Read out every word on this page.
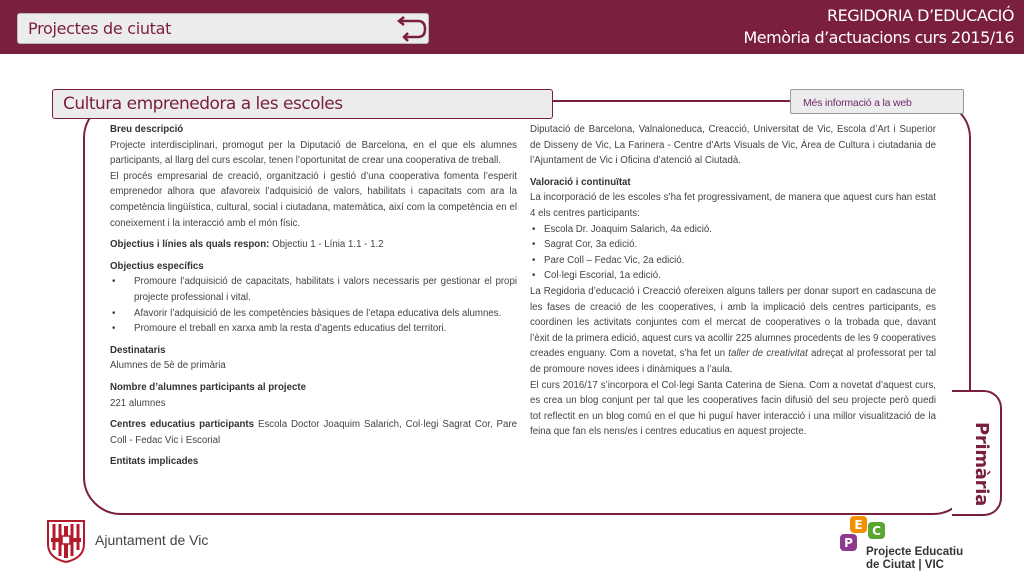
Projectes de ciutat
REGIDORIA D’EDUCACIÓ
Memòria d’actuacions curs 2015/16
Primària
Cultura emprenedora a les escoles	Més informació a la web
Breu descripció
Projecte interdisciplinari, promogut per la Diputació de Barcelona, en el que els alumnes participants, al llarg del curs escolar, tenen l’oportunitat de crear una cooperativa de treball.
El procés empresarial de creació, organització i gestió d’una cooperativa fomenta l’esperit emprenedor alhora que afavoreix l’adquisició de valors, habilitats i capacitats com ara la competència lingüística, cultural, social i ciutadana, matemàtica, així com la competència en el coneixement i la interacció amb el món físic.
Objectius i línies als quals respon: Objectiu 1 - Línia 1.1 - 1.2
Objectius específics
• Promoure l’adquisició de capacitats, habilitats i valors necessaris per gestionar el propi projecte professional i vital.
• Afavorir l’adquisició de les competències bàsiques de l’etapa educativa dels alumnes.
• Promoure el treball en xarxa amb la resta d’agents educatius del territori.
Destinataris
Alumnes de 5è de primària
Nombre d’alumnes participants al projecte
221 alumnes
Centres educatius participants Escola Doctor Joaquim Salarich, Col·legi Sagrat Cor, Pare Coll - Fedac Vic i Escorial
Entitats implicades
Diputació de Barcelona, Valnaloneduca, Creacció, Universitat de Vic, Escola d’Art i Superior de Disseny de Vic, La Farinera - Centre d’Arts Visuals de Vic, Àrea de Cultura i ciutadania de l’Ajuntament de Vic i Oficina d’atenció al Ciutadà.
Valoració i continuïtat
La incorporació de les escoles s’ha fet progressivament, de manera que aquest curs han estat 4 els centres participants:
• Escola Dr. Joaquim Salarich, 4a edició.
• Sagrat Cor, 3a edició.
• Pare Coll – Fedac Vic, 2a edició.
• Col·legi Escorial, 1a edició.
La Regidoria d’educació i Creacció ofereixen alguns tallers per donar suport en cadascuna de les fases de creació de les cooperatives, i amb la implicació dels centres participants, es coordinen les activitats conjuntes com el mercat de cooperatives o la trobada que, davant l’èxit de la primera edició, aquest curs va acollir 225 alumnes procedents de les 9 cooperatives creades enguany. Com a novetat, s’ha fet un taller de creativitat adreçat al professorat per tal de promoure noves idees i dinàmiques a l’aula.
El curs 2016/17 s’incorpora el Col·legi Santa Caterina de Siena. Com a novetat d’aquest curs, es crea un blog conjunt per tal que les cooperatives facin difusió del seu projecte però quedi tot reflectit en un blog comú en el que hi puguí haver interacció i una millor visualització de la feina que fan els nens/es i centres educatius en aquest projecte.
Ajuntament de Vic
E C
P
Projecte Educatiu
de Ciutat | VIC
